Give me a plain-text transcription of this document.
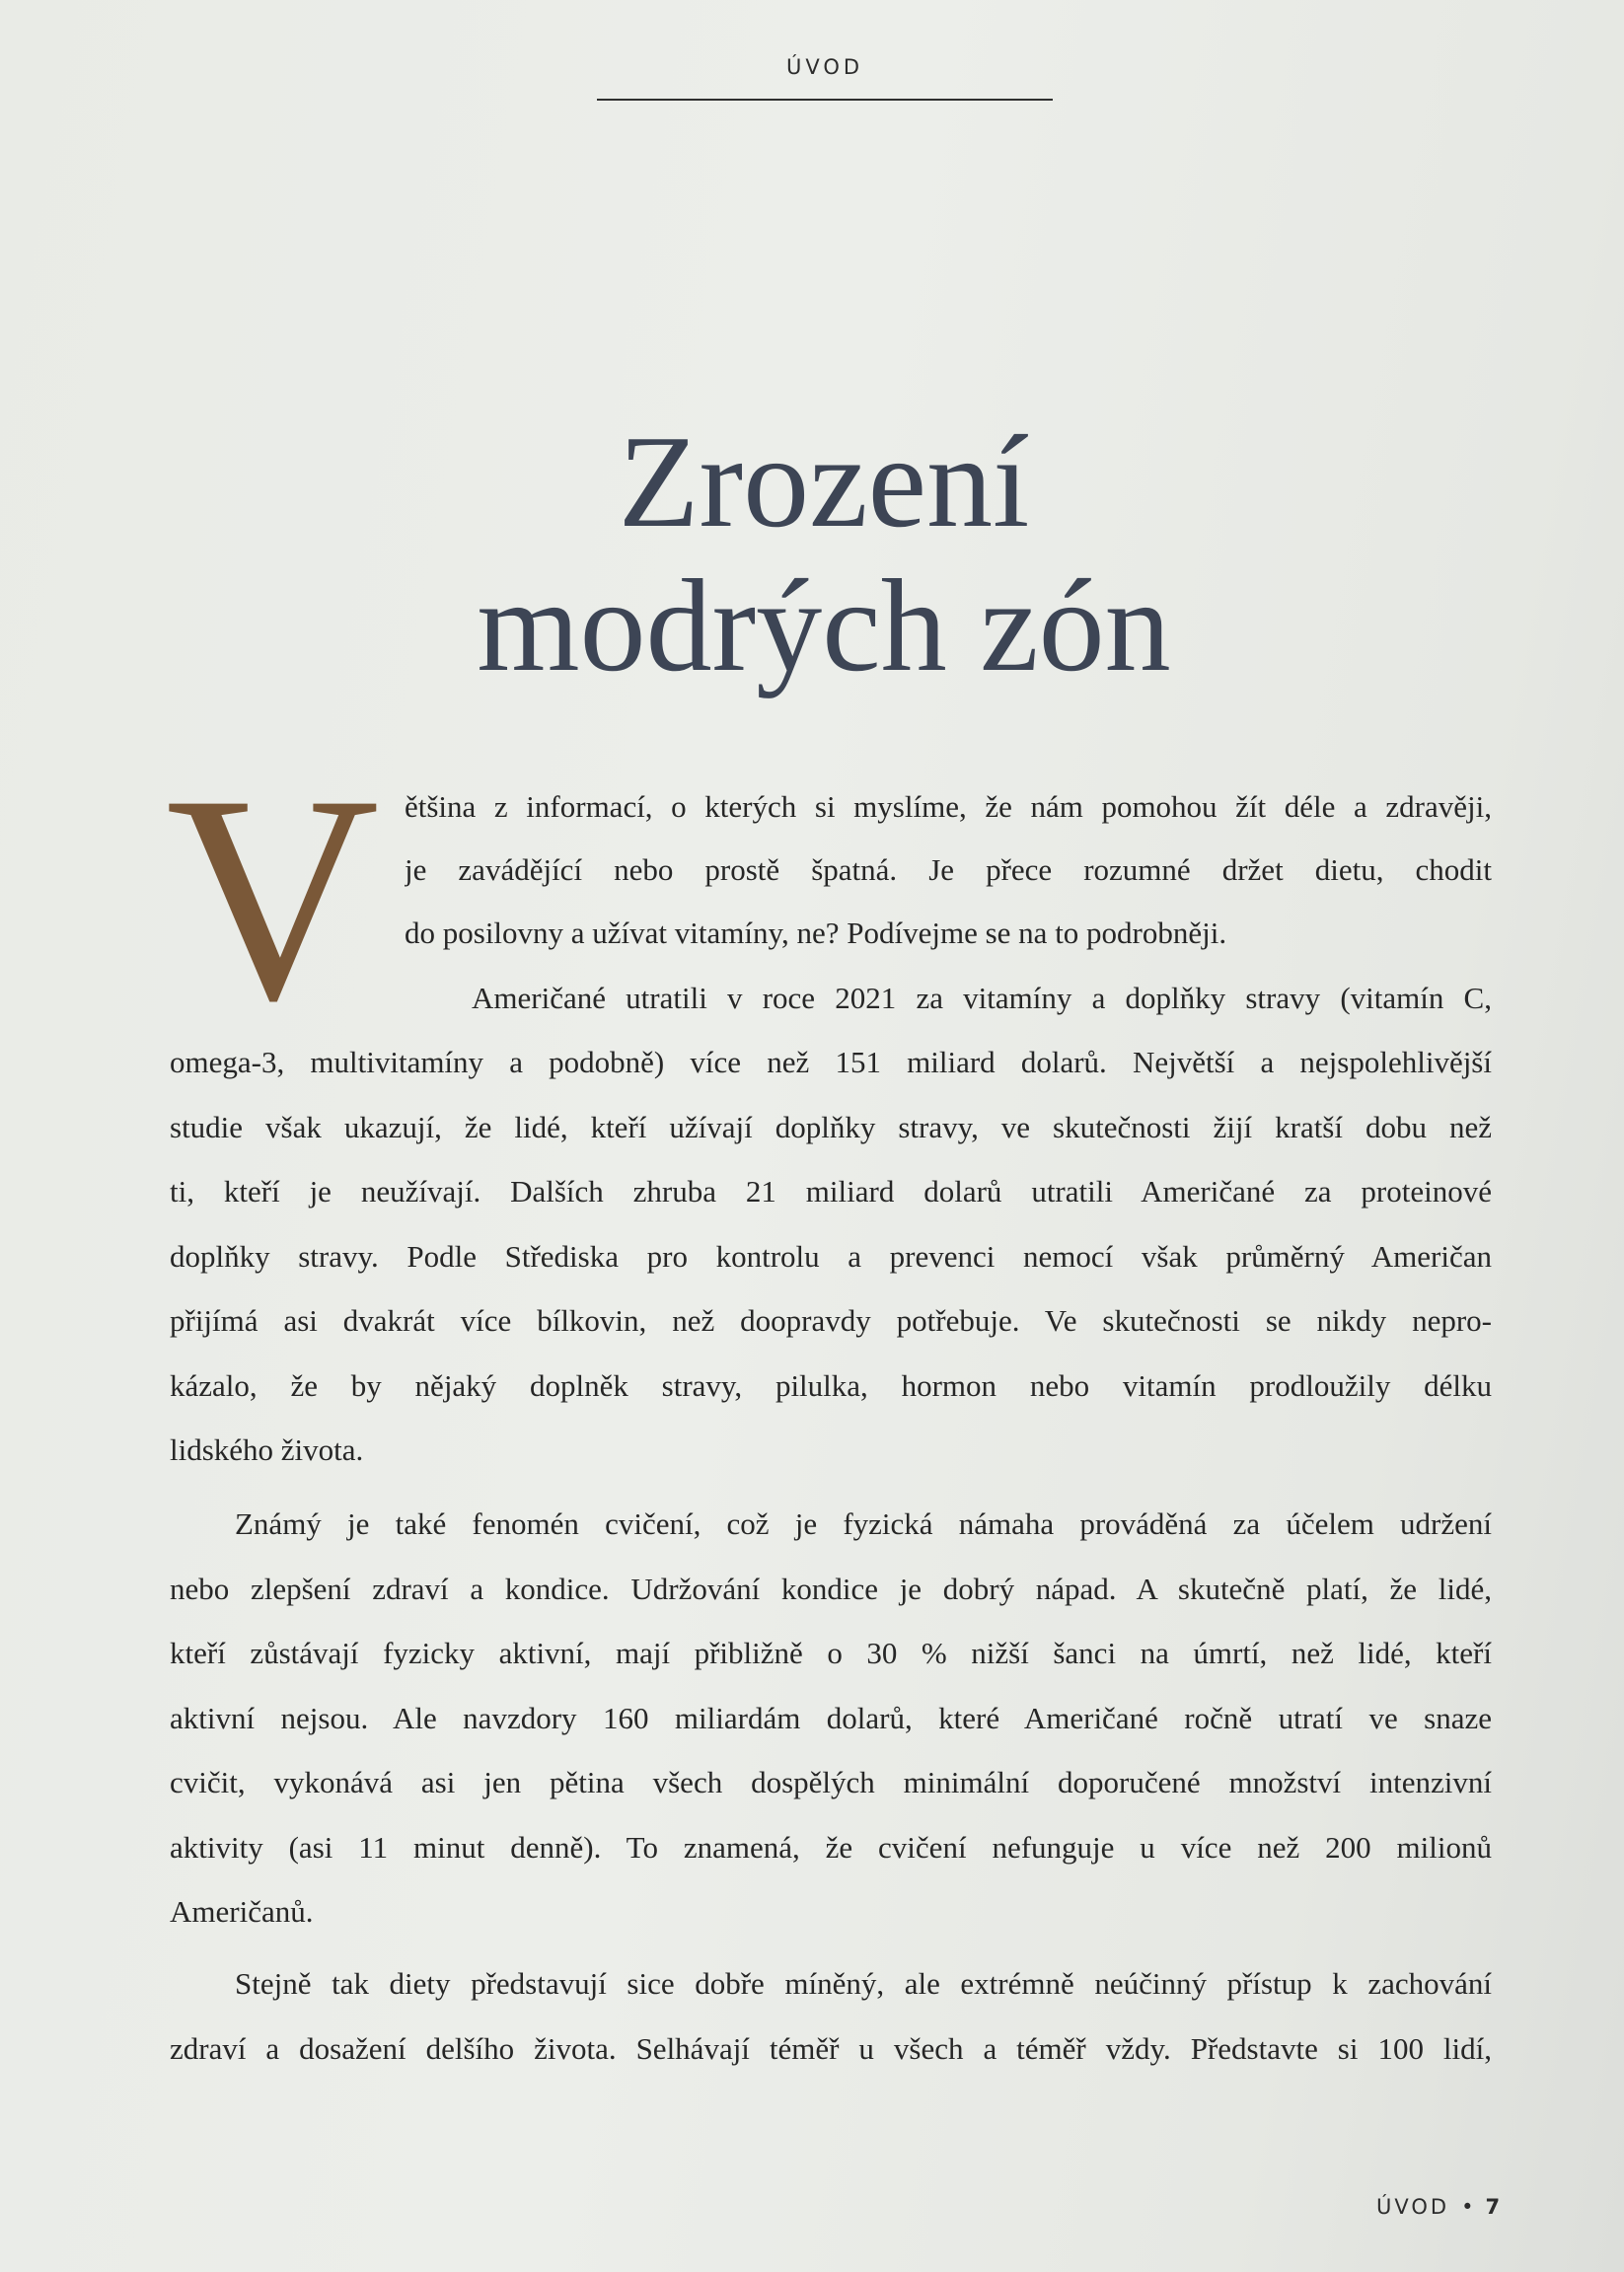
ÚVOD
Zrození
modrých zón
V ětšina z informací, o kterých si myslíme, že nám pomohou žít déle a zdravěji,
je zavádějící nebo prostě špatná. Je přece rozumné držet dietu, chodit
do posilovny a užívat vitamíny, ne? Podívejme se na to podrobněji.
Američané utratili v roce 2021 za vitamíny a doplňky stravy (vitamín C,
omega-3, multivitamíny a podobně) více než 151 miliard dolarů. Největší a nejspolehlivější
studie však ukazují, že lidé, kteří užívají doplňky stravy, ve skutečnosti žijí kratší dobu než
ti, kteří je neužívají. Dalších zhruba 21 miliard dolarů utratili Američané za proteinové
doplňky stravy. Podle Střediska pro kontrolu a prevenci nemocí však průměrný Američan
přijímá asi dvakrát více bílkovin, než doopravdy potřebuje. Ve skutečnosti se nikdy nepro-
kázalo, že by nějaký doplněk stravy, pilulka, hormon nebo vitamín prodloužily délku
lidského života.
Známý je také fenomén cvičení, což je fyzická námaha prováděná za účelem udržení
nebo zlepšení zdraví a kondice. Udržování kondice je dobrý nápad. A skutečně platí, že lidé,
kteří zůstávají fyzicky aktivní, mají přibližně o 30 % nižší šanci na úmrtí, než lidé, kteří
aktivní nejsou. Ale navzdory 160 miliardám dolarů, které Američané ročně utratí ve snaze
cvičit, vykonává asi jen pětina všech dospělých minimální doporučené množství intenzivní
aktivity (asi 11 minut denně). To znamená, že cvičení nefunguje u více než 200 milionů
Američanů.
Stejně tak diety představují sice dobře míněný, ale extrémně neúčinný přístup k zachování
zdraví a dosažení delšího života. Selhávají téměř u všech a téměř vždy. Představte si 100 lidí,
ÚVOD • 7
